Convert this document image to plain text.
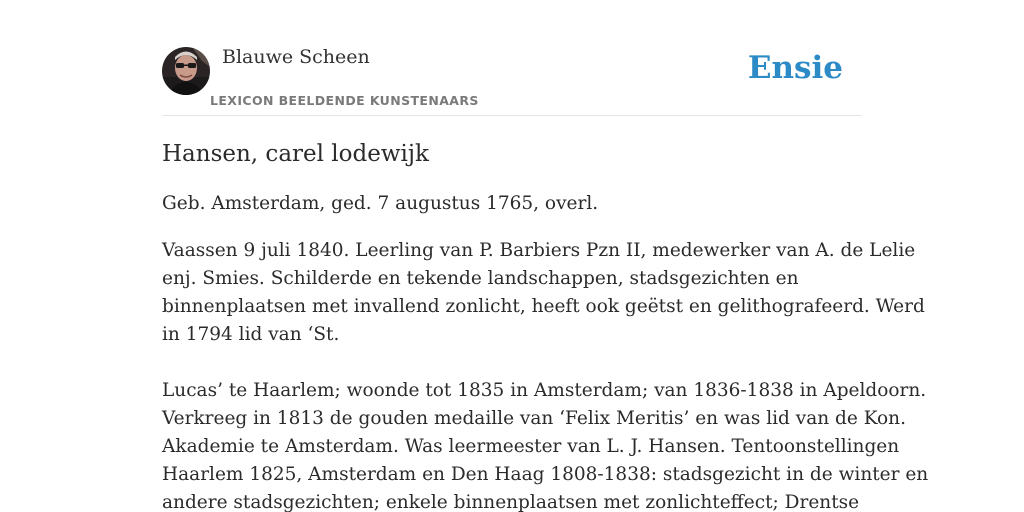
Blauwe Scheen
LEXICON BEELDENDE KUNSTENAARS
Ensie
Hansen, carel lodewijk

Geb. Amsterdam, ged. 7 augustus 1765, overl.

Vaassen 9 juli 1840. Leerling van P. Barbiers Pzn II, medewerker van A. de Lelie
enj. Smies. Schilderde en tekende landschappen, stadsgezichten en
binnenplaatsen met invallend zonlicht, heeft ook geëtst en gelithografeerd. Werd
in 1794 lid van ‘St.

Lucas’ te Haarlem; woonde tot 1835 in Amsterdam; van 1836-1838 in Apeldoorn.
Verkreeg in 1813 de gouden medaille van ‘Felix Meritis’ en was lid van de Kon.
Akademie te Amsterdam. Was leermeester van L. J. Hansen. Tentoonstellingen
Haarlem 1825, Amsterdam en Den Haag 1808-1838: stadsgezicht in de winter en
andere stadsgezichten; enkele binnenplaatsen met zonlichteffect; Drentse
